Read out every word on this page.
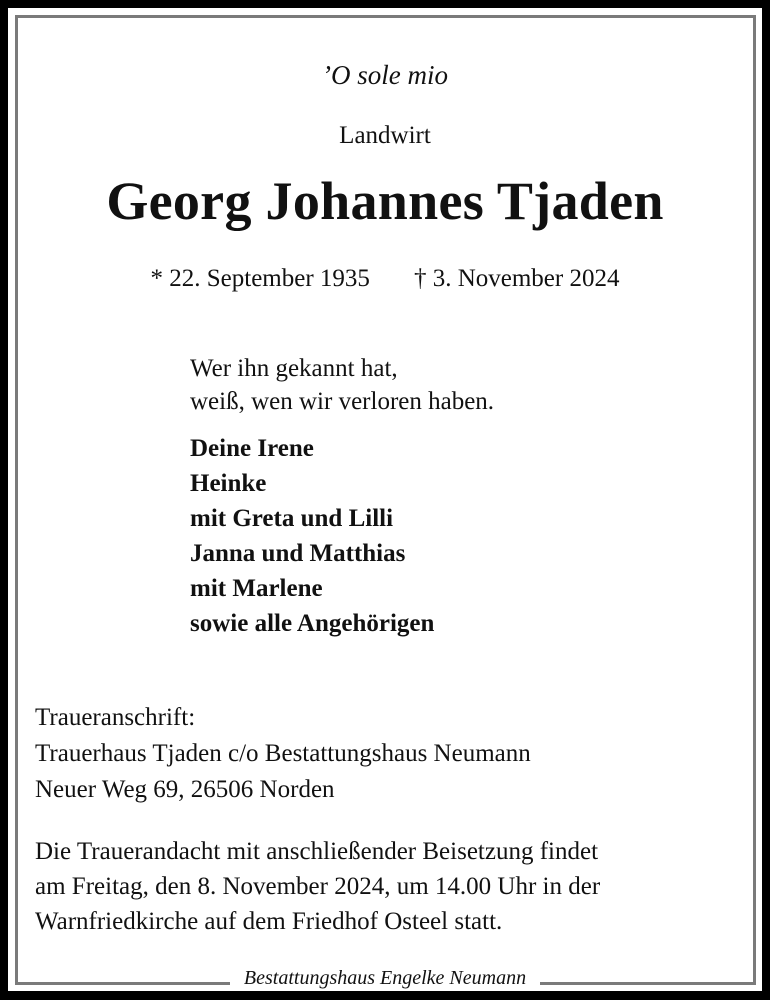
’O sole mio
Landwirt
Georg Johannes Tjaden
* 22. September 1935 † 3. November 2024
Wer ihn gekannt hat,
weiß, wen wir verloren haben.
Deine Irene
Heinke
mit Greta und Lilli
Janna und Matthias
mit Marlene
sowie alle Angehörigen
Traueranschrift:
Trauerhaus Tjaden c/o Bestattungshaus Neumann
Neuer Weg 69, 26506 Norden
Die Trauerandacht mit anschließender Beisetzung findet
am Freitag, den 8. November 2024, um 14.00 Uhr in der
Warnfriedkirche auf dem Friedhof Osteel statt.
Bestattungshaus Engelke Neumann
